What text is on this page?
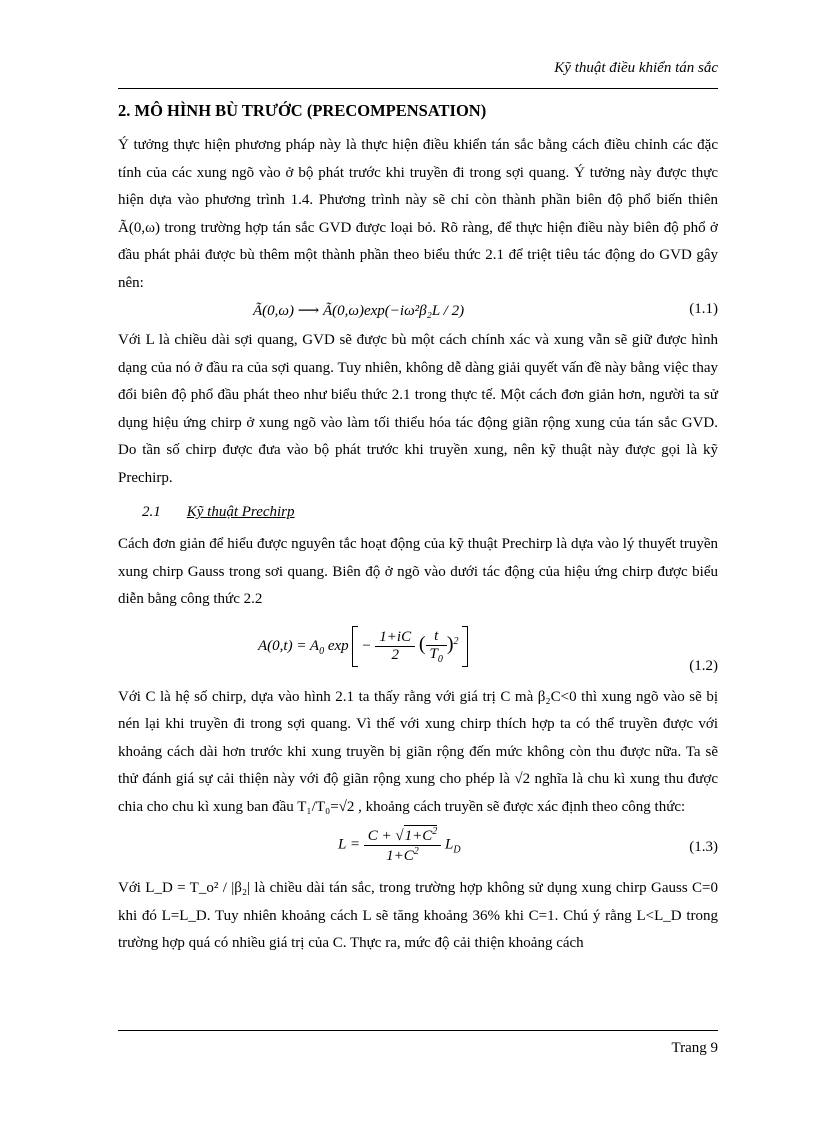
Kỹ thuật điều khiển tán sắc
2. MÔ HÌNH BÙ TRƯỚC (PRECOMPENSATION)

Ý tưởng thực hiện phương pháp này là thực hiện điều khiển tán sắc bằng cách điều chỉnh các đặc tính của các xung ngõ vào ở bộ phát trước khi truyền đi trong sợi quang. Ý tưởng này được thực hiện dựa vào phương trình 1.4. Phương trình này sẽ chỉ còn thành phần biên độ phổ biến thiên Ã(0,ω) trong trường hợp tán sắc GVD được loại bỏ. Rõ ràng, để thực hiện điều này biên độ phổ ở đầu phát phải được bù thêm một thành phần theo biểu thức 2.1 để triệt tiêu tác động do GVD gây nên:

Ã(0,ω) ⟶ Ã(0,ω)exp(−iω²β₂L / 2)	(1.1)

Với L là chiều dài sợi quang, GVD sẽ được bù một cách chính xác và xung vẫn sẽ giữ được hình dạng của nó ở đầu ra của sợi quang. Tuy nhiên, không dễ dàng giải quyết vấn đề này bằng việc thay đổi biên độ phổ đầu phát theo như biểu thức 2.1 trong thực tế. Một cách đơn giản hơn, người ta sử dụng hiệu ứng chirp ở xung ngõ vào làm tối thiểu hóa tác động giãn rộng xung của tán sắc GVD. Do tần số chirp được đưa vào bộ phát trước khi truyền xung, nên kỹ thuật này được gọi là kỹ Prechirp.

2.1 Kỹ thuật Prechirp

Cách đơn giản để hiểu được nguyên tắc hoạt động của kỹ thuật Prechirp là dựa vào lý thuyết truyền xung chirp Gauss trong sơi quang. Biên độ ở ngõ vào dưới tác động của hiệu ứng chirp được biểu diễn bằng công thức 2.2

$A(0,t) = A_0$ $\exp - \frac{1+iC}{2}$ ( $\frac{t}{T_0} )^2$
(1.2)

Với C là hệ số chirp, dựa vào hình 2.1 ta thấy rằng với giá trị C mà β₂C<0 thì xung ngõ vào sẽ bị nén lại khi truyền đi trong sợi quang. Vì thế với xung chirp thích hợp ta có thể truyền được với khoảng cách dài hơn trước khi xung truyền bị giãn rộng đến mức không còn thu được nữa. Ta sẽ thử đánh giá sự cải thiện này với độ giãn rộng xung cho phép là √2 nghĩa là chu kì xung thu được chia cho chu kì xung ban đầu T₁/T₀=√2 , khoảng cách truyền sẽ được xác định theo công thức:

$L = \frac{C + √1+C^2}{1+C^2} L_D$	(1.3)

Với L_D = T_o² / |β₂| là chiều dài tán sắc, trong trường hợp không sử dụng xung chirp Gauss C=0 khi đó L=L_D. Tuy nhiên khoảng cách L sẽ tăng khoảng 36% khi C=1. Chú ý rằng L<L_D trong trường hợp quá có nhiều giá trị của C. Thực ra, mức độ cải thiện khoảng cách

Trang 9
